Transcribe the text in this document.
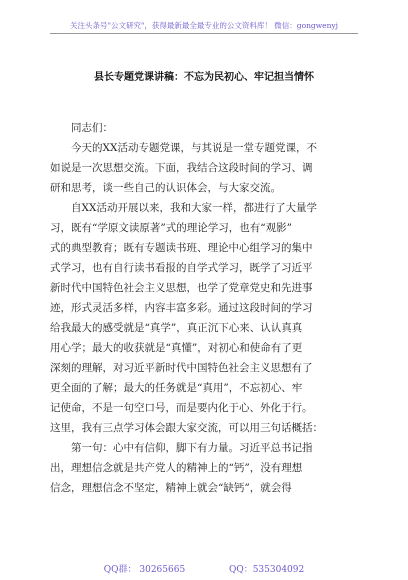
关注头条号"公文研究"，获得最新最全最专业的公文资料库！ 微信：gongwenyj
县长专题党课讲稿：不忘为民初心、牢记担当情怀
同志们：
今天的XX活动专题党课，与其说是一堂专题党课，不
如说是一次思想交流。下面，我结合这段时间的学习、调
研和思考，谈一些自己的认识体会，与大家交流。
自XX活动开展以来，我和大家一样，都进行了大量学
习，既有“学原文读原著”式的理论学习，也有“观影”
式的典型教育；既有专题读书班、理论中心组学习的集中
式学习，也有自行读书看报的自学式学习，既学了习近平
新时代中国特色社会主义思想，也学了党章党史和先进事
迹，形式灵活多样，内容丰富多彩。通过这段时间的学习
给我最大的感受就是“真学”，真正沉下心来、认认真真
用心学；最大的收获就是“真懂”，对初心和使命有了更
深刻的理解，对习近平新时代中国特色社会主义思想有了
更全面的了解；最大的任务就是“真用”，不忘初心、牢
记使命，不是一句空口号，而是要内化于心、外化于行。
这里，我有三点学习体会跟大家交流，可以用三句话概括：
第一句：心中有信仰，脚下有力量。习近平总书记指
出，理想信念就是共产党人的精神上的“钙”，没有理想
信念，理想信念不坚定，精神上就会“缺钙”，就会得
QQ群： 30265665	QQ：535304092
